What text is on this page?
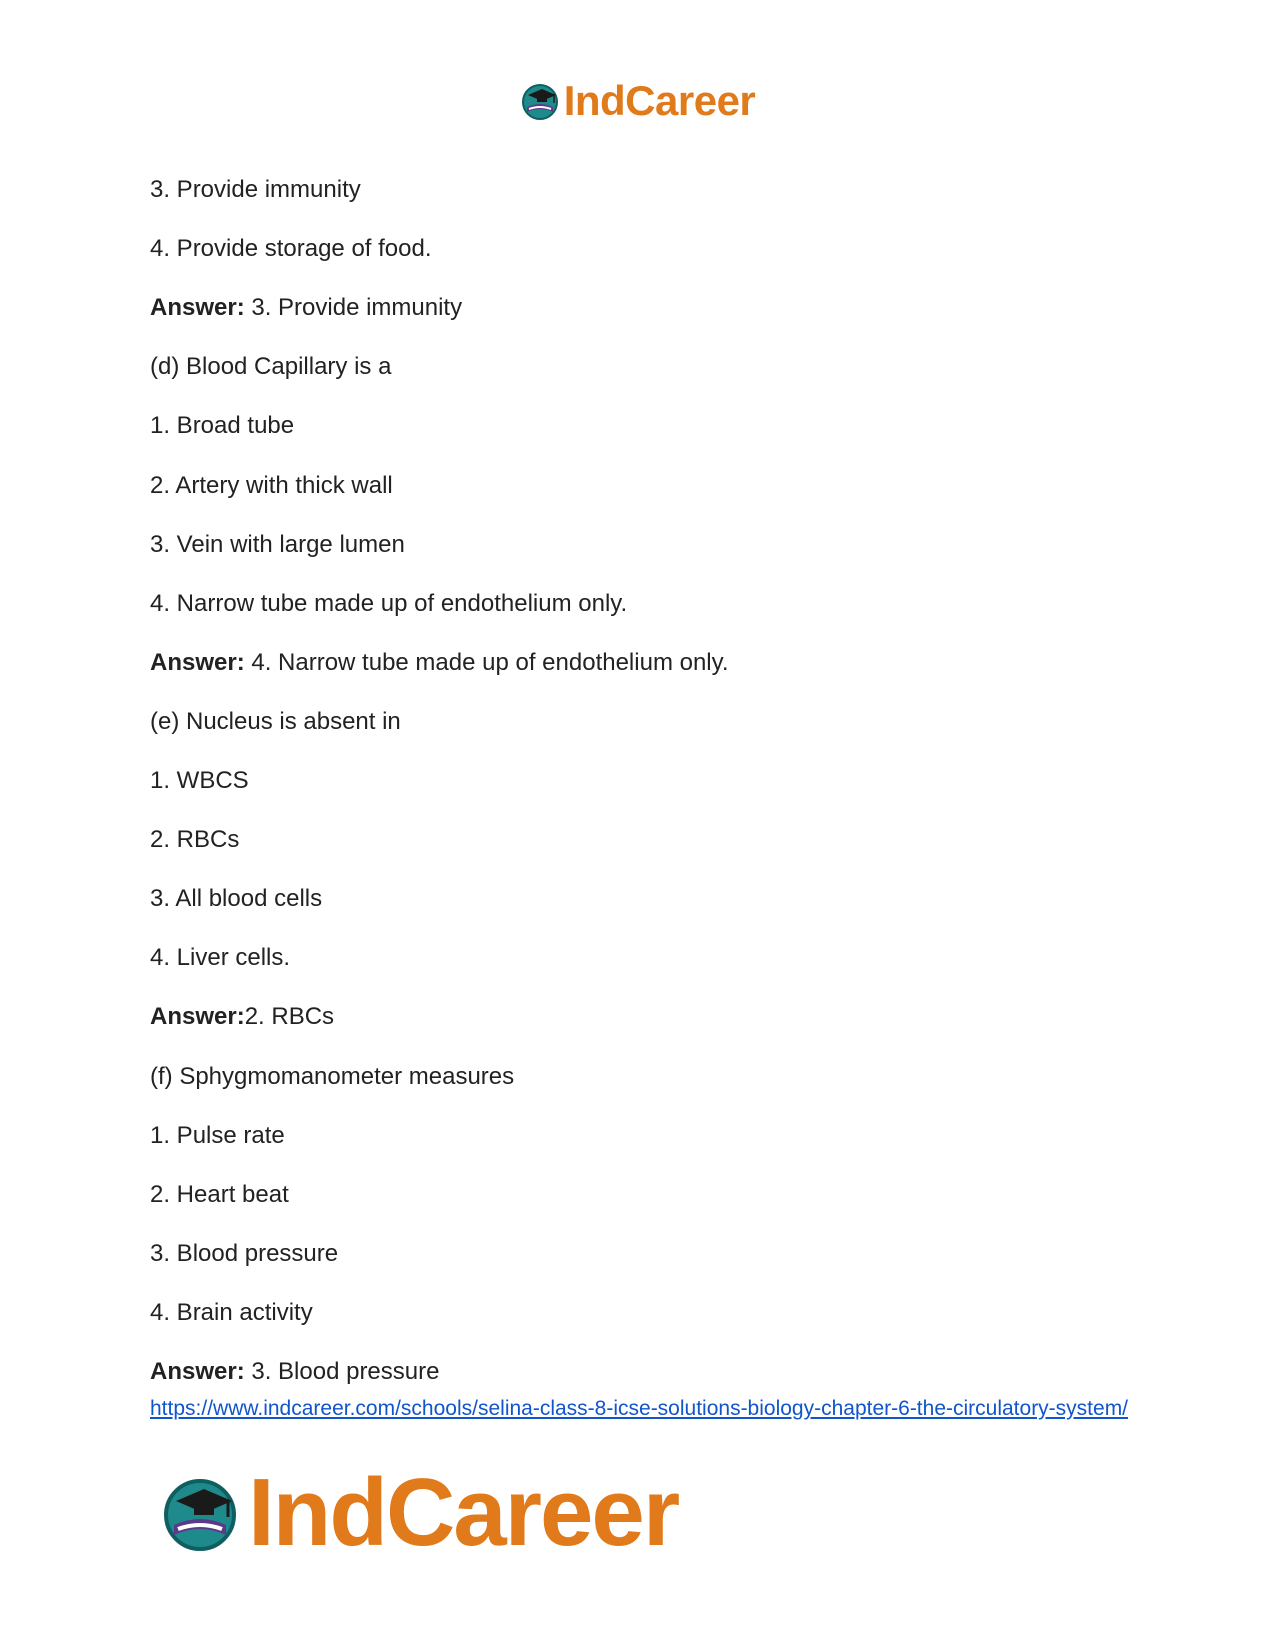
IndCareer
3. Provide immunity
4. Provide storage of food.
Answer: 3. Provide immunity
(d) Blood Capillary is a
1. Broad tube
2. Artery with thick wall
3. Vein with large lumen
4. Narrow tube made up of endothelium only.
Answer: 4. Narrow tube made up of endothelium only.
(e) Nucleus is absent in
1. WBCS
2. RBCs
3. All blood cells
4. Liver cells.
Answer:2. RBCs
(f) Sphygmomanometer measures
1. Pulse rate
2. Heart beat
3. Blood pressure
4. Brain activity
Answer: 3. Blood pressure
https://www.indcareer.com/schools/selina-class-8-icse-solutions-biology-chapter-6-the-circulatory-system/
IndCareer
